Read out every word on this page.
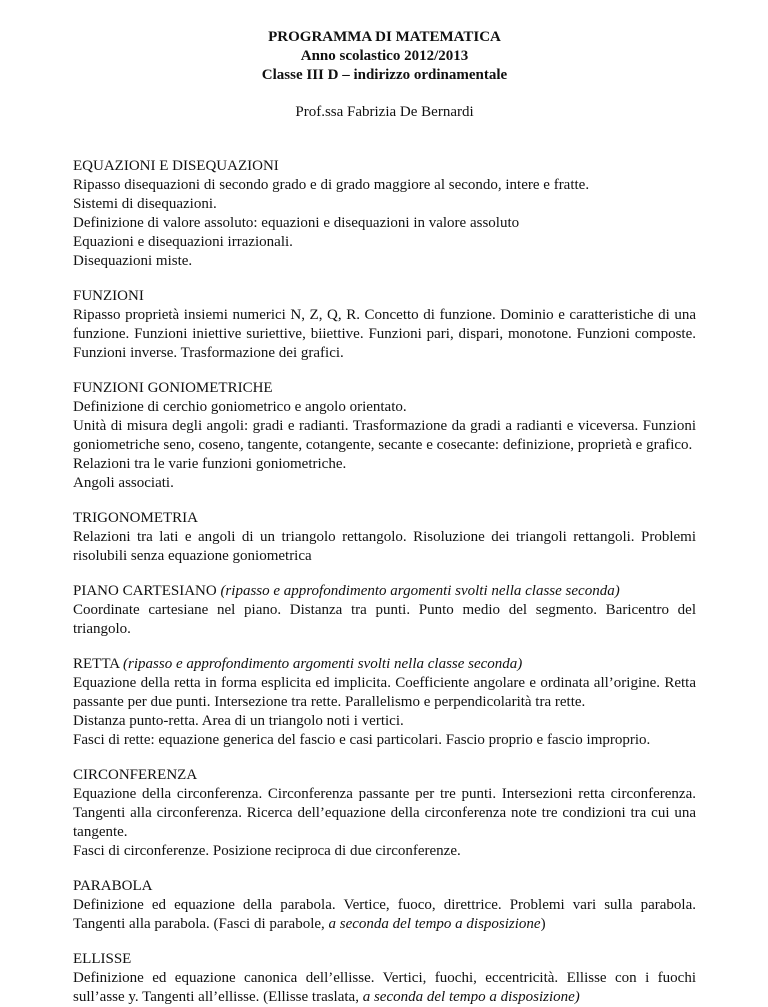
PROGRAMMA DI MATEMATICA
Anno scolastico 2012/2013
Classe III D – indirizzo ordinamentale
Prof.ssa Fabrizia De Bernardi
EQUAZIONI E DISEQUAZIONI

Ripasso disequazioni di secondo grado e di grado maggiore al secondo, intere e fratte.

Sistemi di disequazioni.

Definizione di valore assoluto: equazioni e disequazioni in valore assoluto

Equazioni e disequazioni irrazionali.

Disequazioni miste.

FUNZIONI

Ripasso proprietà insiemi numerici N, Z, Q, R. Concetto di funzione. Dominio e caratteristiche di una funzione. Funzioni iniettive suriettive, biiettive. Funzioni pari, dispari, monotone. Funzioni composte. Funzioni inverse. Trasformazione dei grafici.

FUNZIONI GONIOMETRICHE

Definizione di cerchio goniometrico e angolo orientato.

Unità di misura degli angoli: gradi e radianti. Trasformazione da gradi a radianti e viceversa. Funzioni goniometriche seno, coseno, tangente, cotangente, secante e cosecante: definizione, proprietà e grafico.

Relazioni tra le varie funzioni goniometriche.

Angoli associati.

TRIGONOMETRIA

Relazioni tra lati e angoli di un triangolo rettangolo. Risoluzione dei triangoli rettangoli. Problemi risolubili senza equazione goniometrica

PIANO CARTESIANO (ripasso e approfondimento argomenti svolti nella classe seconda)

Coordinate cartesiane nel piano. Distanza tra punti. Punto medio del segmento. Baricentro del triangolo.

RETTA (ripasso e approfondimento argomenti svolti nella classe seconda)

Equazione della retta in forma esplicita ed implicita. Coefficiente angolare e ordinata all’origine. Retta passante per due punti. Intersezione tra rette. Parallelismo e perpendicolarità tra rette.

Distanza punto-retta. Area di un triangolo noti i vertici.

Fasci di rette: equazione generica del fascio e casi particolari. Fascio proprio e fascio improprio.

CIRCONFERENZA

Equazione della circonferenza. Circonferenza passante per tre punti. Intersezioni retta circonferenza. Tangenti alla circonferenza. Ricerca dell’equazione della circonferenza note tre condizioni tra cui una tangente.

Fasci di circonferenze. Posizione reciproca di due circonferenze.

PARABOLA

Definizione ed equazione della parabola. Vertice, fuoco, direttrice. Problemi vari sulla parabola. Tangenti alla parabola. (Fasci di parabole, a seconda del tempo a disposizione)

ELLISSE

Definizione ed equazione canonica dell’ellisse. Vertici, fuochi, eccentricità. Ellisse con i fuochi sull’asse y. Tangenti all’ellisse. (Ellisse traslata, a seconda del tempo a disposizione)
